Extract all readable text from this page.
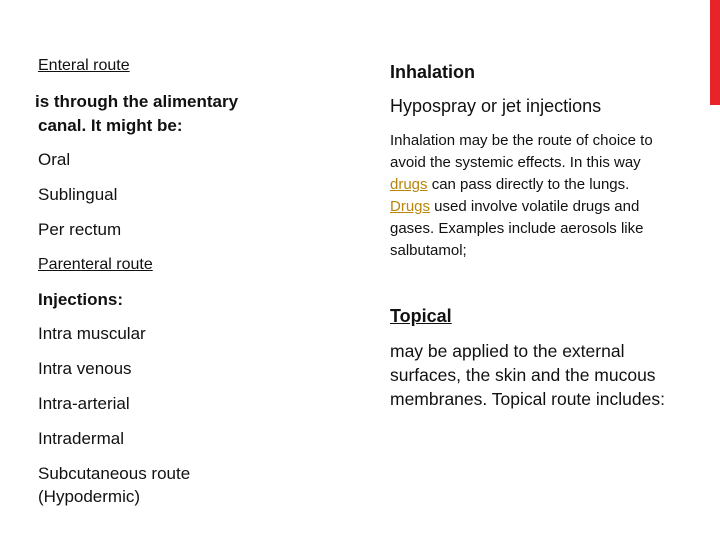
Enteral route
is through the alimentary
canal. It might be:
Oral
Sublingual
Per rectum
Parenteral route
Injections:
Intra muscular
Intra venous
Intra-arterial
Intradermal
Subcutaneous route
(Hypodermic)
Inhalation
Hypospray or jet injections
Inhalation may be the route of choice to
avoid the systemic effects. In this way
drugs can pass directly to the lungs.
Drugs used involve volatile drugs and
gases. Examples include aerosols like
salbutamol;
Topical
may be applied to the external
surfaces, the skin and the mucous
membranes. Topical route includes:
